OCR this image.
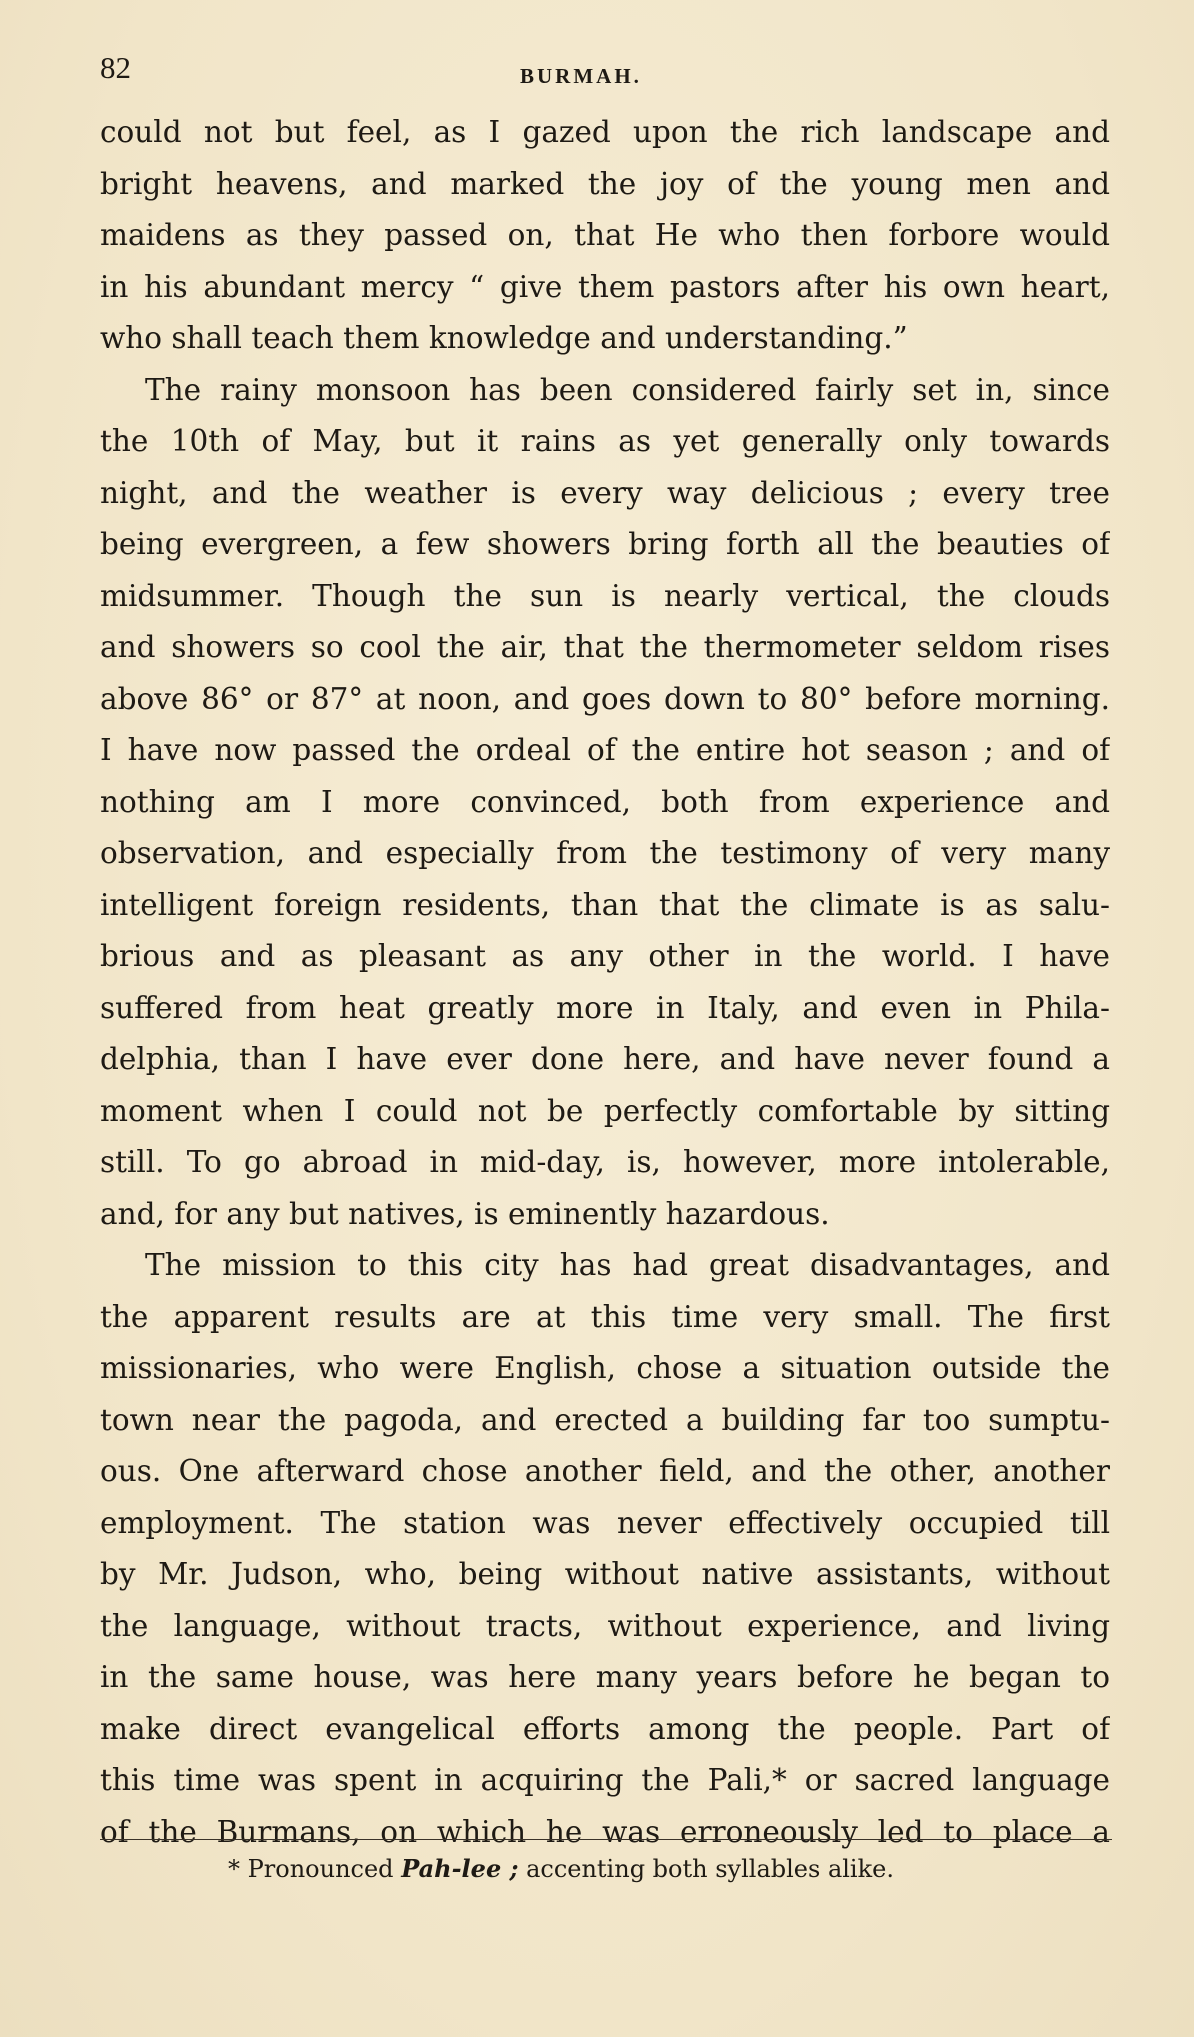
82	BURMAH.
could not but feel, as I gazed upon the rich landscape and
bright heavens, and marked the joy of the young men and
maidens as they passed on, that He who then forbore would
in his abundant mercy “ give them pastors after his own heart,
who shall teach them knowledge and understanding.”
The rainy monsoon has been considered fairly set in, since
the 10th of May, but it rains as yet generally only towards
night, and the weather is every way delicious ; every tree
being evergreen, a few showers bring forth all the beauties of
midsummer. Though the sun is nearly vertical, the clouds
and showers so cool the air, that the thermometer seldom rises
above 86° or 87° at noon, and goes down to 80° before morning.
I have now passed the ordeal of the entire hot season ; and of
nothing am I more convinced, both from experience and
observation, and especially from the testimony of very many
intelligent foreign residents, than that the climate is as salu-
brious and as pleasant as any other in the world. I have
suffered from heat greatly more in Italy, and even in Phila-
delphia, than I have ever done here, and have never found a
moment when I could not be perfectly comfortable by sitting
still. To go abroad in mid-day, is, however, more intolerable,
and, for any but natives, is eminently hazardous.
The mission to this city has had great disadvantages, and
the apparent results are at this time very small. The first
missionaries, who were English, chose a situation outside the
town near the pagoda, and erected a building far too sumptu-
ous. One afterward chose another field, and the other, another
employment. The station was never effectively occupied till
by Mr. Judson, who, being without native assistants, without
the language, without tracts, without experience, and living
in the same house, was here many years before he began to
make direct evangelical efforts among the people. Part of
this time was spent in acquiring the Pali,* or sacred language
of the Burmans, on which he was erroneously led to place a
* Pronounced Pah-lee ; accenting both syllables alike.
